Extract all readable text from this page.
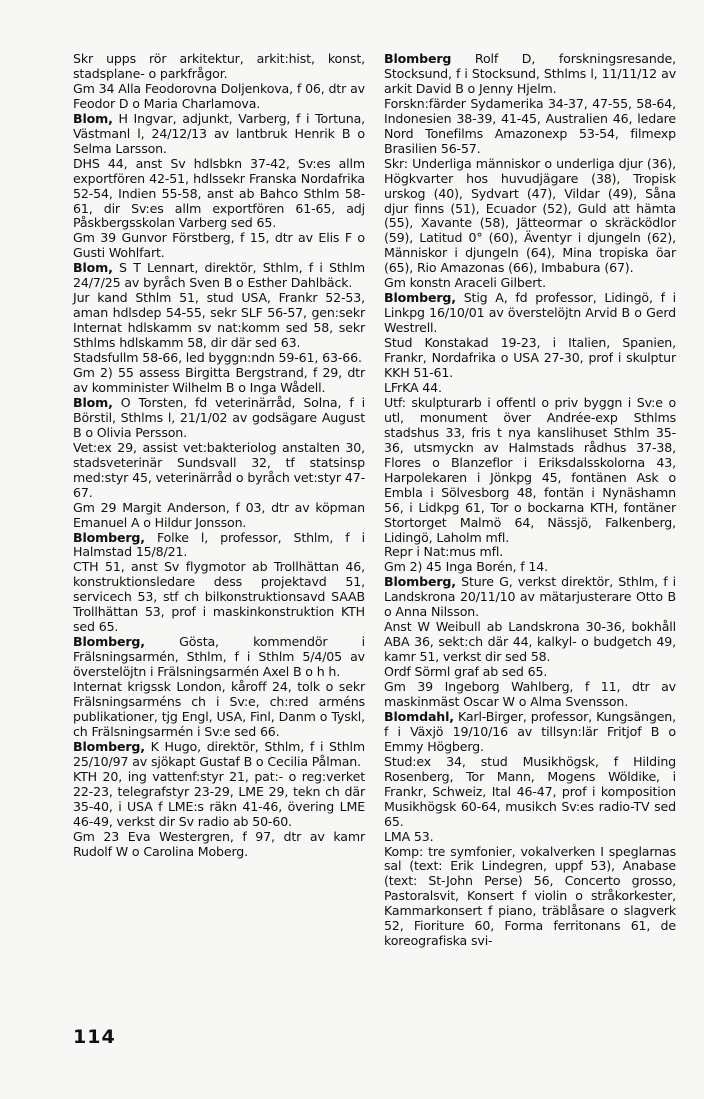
Skr upps rör arkitektur, arkit:hist, konst, stadsplane- o parkfrågor.

Gm 34 Alla Feodorovna Doljenkova, f 06, dtr av Feodor D o Maria Charlamova.

Blom, H Ingvar, adjunkt, Varberg, f i Tortuna, Västmanl l, 24/12/13 av lantbruk Henrik B o Selma Larsson.

DHS 44, anst Sv hdlsbkn 37-42, Sv:es allm exportfören 42-51, hdlssekr Franska Nordafrika 52-54, Indien 55-58, anst ab Bahco Sthlm 58-61, dir Sv:es allm exportfören 61-65, adj Påskbergsskolan Varberg sed 65.

Gm 39 Gunvor Förstberg, f 15, dtr av Elis F o Gusti Wohlfart.

Blom, S T Lennart, direktör, Sthlm, f i Sthlm 24/7/25 av byråch Sven B o Esther Dahlbäck.

Jur kand Sthlm 51, stud USA, Frankr 52-53, aman hdlsdep 54-55, sekr SLF 56-57, gen:sekr Internat hdlskamm sv nat:komm sed 58, sekr Sthlms hdlskamm 58, dir där sed 63.

Stadsfullm 58-66, led byggn:ndn 59-61, 63-66.

Gm 2) 55 assess Birgitta Bergstrand, f 29, dtr av komminister Wilhelm B o Inga Wådell.

Blom, O Torsten, fd veterinärråd, Solna, f i Börstil, Sthlms l, 21/1/02 av godsägare August B o Olivia Persson.

Vet:ex 29, assist vet:bakteriolog anstalten 30, stadsveterinär Sundsvall 32, tf statsinsp med:styr 45, veterinärråd o byråch vet:styr 47-67.

Gm 29 Margit Anderson, f 03, dtr av köpman Emanuel A o Hildur Jonsson.

Blomberg, Folke l, professor, Sthlm, f i Halmstad 15/8/21.

CTH 51, anst Sv flygmotor ab Trollhättan 46, konstruktionsledare dess projektavd 51, servicech 53, stf ch bilkonstruktionsavd SAAB Trollhättan 53, prof i maskinkonstruktion KTH sed 65.

Blomberg, Gösta, kommendör i Frälsningsarmén, Sthlm, f i Sthlm 5/4/05 av överstelöjtn i Frälsningsarmén Axel B o h h.

Internat krigssk London, kåroff 24, tolk o sekr Frälsningsarméns ch i Sv:e, ch:red arméns publikationer, tjg Engl, USA, Finl, Danm o Tyskl, ch Frälsningsarmén i Sv:e sed 66.

Blomberg, K Hugo, direktör, Sthlm, f i Sthlm 25/10/97 av sjökapt Gustaf B o Cecilia Pålman.

KTH 20, ing vattenf:styr 21, pat:- o reg:verket 22-23, telegrafstyr 23-29, LME 29, tekn ch där 35-40, i USA f LME:s räkn 41-46, övering LME 46-49, verkst dir Sv radio ab 50-60.

Gm 23 Eva Westergren, f 97, dtr av kamr Rudolf W o Carolina Moberg.

Blomberg Rolf D, forskningsresande, Stocksund, f i Stocksund, Sthlms l, 11/11/12 av arkit David B o Jenny Hjelm.

Forskn:färder Sydamerika 34-37, 47-55, 58-64, Indonesien 38-39, 41-45, Australien 46, ledare Nord Tonefilms Amazonexp 53-54, filmexp Brasilien 56-57.

Skr: Underliga människor o underliga djur (36), Högkvarter hos huvudjägare (38), Tropisk urskog (40), Sydvart (47), Vildar (49), Såna djur finns (51), Ecuador (52), Guld att hämta (55), Xavante (58), Jätteormar o skräcködlor (59), Latitud 0° (60), Äventyr i djungeln (62), Människor i djungeln (64), Mina tropiska öar (65), Rio Amazonas (66), Imbabura (67).

Gm konstn Araceli Gilbert.

Blomberg, Stig A, fd professor, Lidingö, f i Linkpg 16/10/01 av överstelöjtn Arvid B o Gerd Westrell.

Stud Konstakad 19-23, i Italien, Spanien, Frankr, Nordafrika o USA 27-30, prof i skulptur KKH 51-61.

LFrKA 44.

Utf: skulpturarb i offentl o priv byggn i Sv:e o utl, monument över Andrée-exp Sthlms stadshus 33, fris t nya kanslihuset Sthlm 35-36, utsmyckn av Halmstads rådhus 37-38, Flores o Blanzeflor i Eriksdalsskolorna 43, Harpolekaren i Jönkpg 45, fontänen Ask o Embla i Sölvesborg 48, fontän i Nynäshamn 56, i Lidkpg 61, Tor o bockarna KTH, fontäner Stortorget Malmö 64, Nässjö, Falkenberg, Lidingö, Laholm mfl.

Repr i Nat:mus mfl.

Gm 2) 45 Inga Borén, f 14.

Blomberg, Sture G, verkst direktör, Sthlm, f i Landskrona 20/11/10 av mätarjusterare Otto B o Anna Nilsson.

Anst W Weibull ab Landskrona 30-36, bokhåll ABA 36, sekt:ch där 44, kalkyl- o budgetch 49, kamr 51, verkst dir sed 58.

Ordf Sörml graf ab sed 65.

Gm 39 Ingeborg Wahlberg, f 11, dtr av maskinmäst Oscar W o Alma Svensson.

Blomdahl, Karl-Birger, professor, Kungsängen, f i Växjö 19/10/16 av tillsyn:lär Fritjof B o Emmy Högberg.

Stud:ex 34, stud Musikhögsk, f Hilding Rosenberg, Tor Mann, Mogens Wöldike, i Frankr, Schweiz, Ital 46-47, prof i komposition Musikhögsk 60-64, musikch Sv:es radio-TV sed 65.

LMA 53.

Komp: tre symfonier, vokalverken I speglarnas sal (text: Erik Lindegren, uppf 53), Anabase (text: St-John Perse) 56, Concerto grosso, Pastoralsvit, Konsert f violin o stråkorkester, Kammarkonsert f piano, träblåsare o slagverk 52, Fioriture 60, Forma ferritonans 61, de koreografiska svi-

114
